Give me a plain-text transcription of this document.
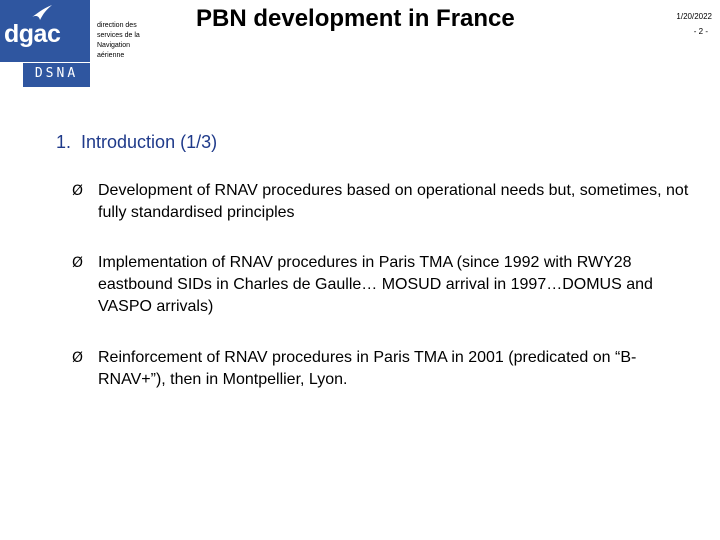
dgac
DSNA
direction des
services de la
Navigation
aérienne
PBN development in France	1/20/2022
- 2 -
1. Introduction (1/3)
Ø Development of RNAV procedures based on operational needs but, sometimes, not fully standardised principles
Ø Implementation of RNAV procedures in Paris TMA (since 1992 with RWY28 eastbound SIDs in Charles de Gaulle… MOSUD arrival in 1997…DOMUS and VASPO arrivals)
Ø Reinforcement of RNAV procedures in Paris TMA in 2001 (predicated on “B-RNAV+”), then in Montpellier, Lyon.
